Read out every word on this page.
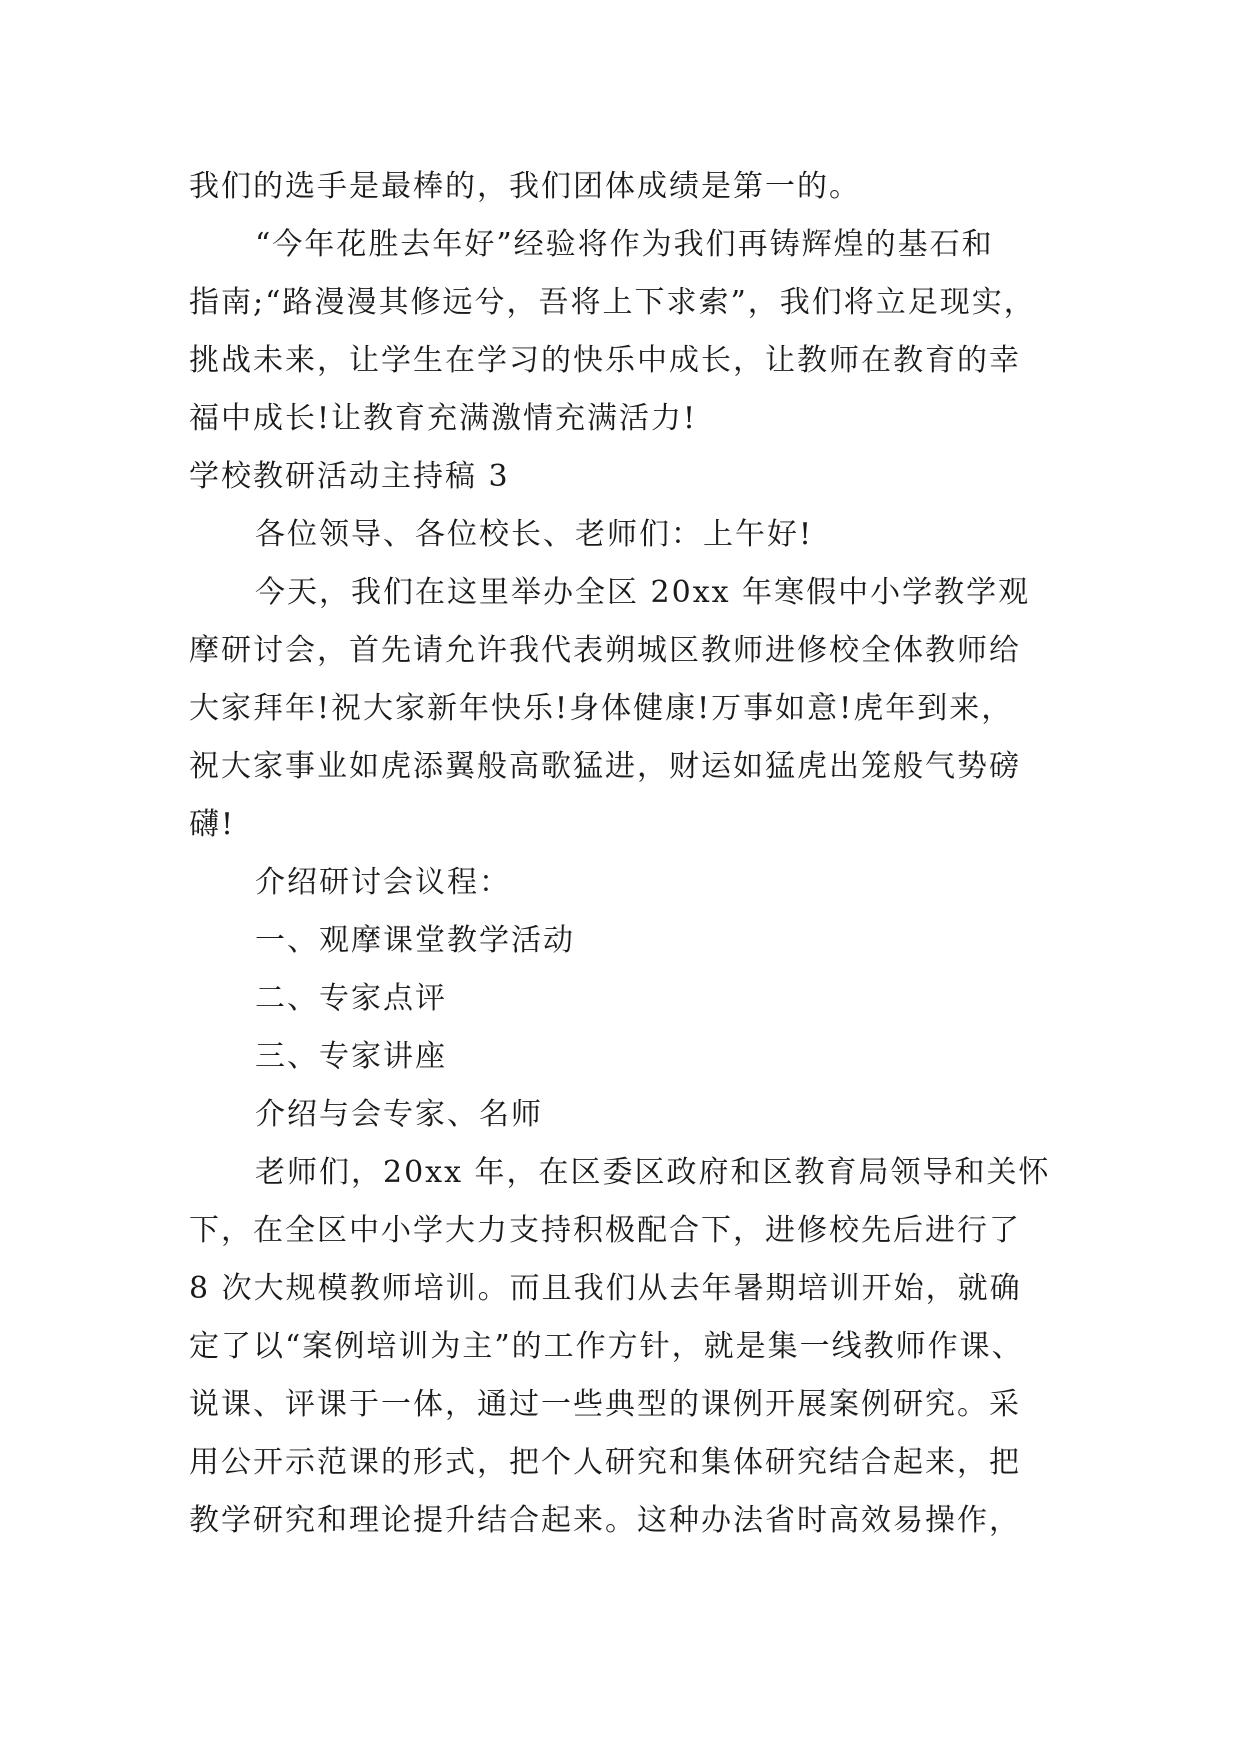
我们的选手是最棒的，我们团体成绩是第一的。
“今年花胜去年好”经验将作为我们再铸辉煌的基石和
指南;“路漫漫其修远兮，吾将上下求索”，我们将立足现实，
挑战未来，让学生在学习的快乐中成长，让教师在教育的幸
福中成长!让教育充满激情充满活力!
学校教研活动主持稿 3
各位领导、各位校长、老师们：上午好!
今天，我们在这里举办全区 20xx 年寒假中小学教学观
摩研讨会，首先请允许我代表朔城区教师进修校全体教师给
大家拜年!祝大家新年快乐!身体健康!万事如意!虎年到来，
祝大家事业如虎添翼般高歌猛进，财运如猛虎出笼般气势磅
礴!
介绍研讨会议程：
一、观摩课堂教学活动
二、专家点评
三、专家讲座
介绍与会专家、名师
老师们，20xx 年，在区委区政府和区教育局领导和关怀
下，在全区中小学大力支持积极配合下，进修校先后进行了
8 次大规模教师培训。而且我们从去年暑期培训开始，就确
定了以“案例培训为主”的工作方针，就是集一线教师作课、
说课、评课于一体，通过一些典型的课例开展案例研究。采
用公开示范课的形式，把个人研究和集体研究结合起来，把
教学研究和理论提升结合起来。这种办法省时高效易操作，
